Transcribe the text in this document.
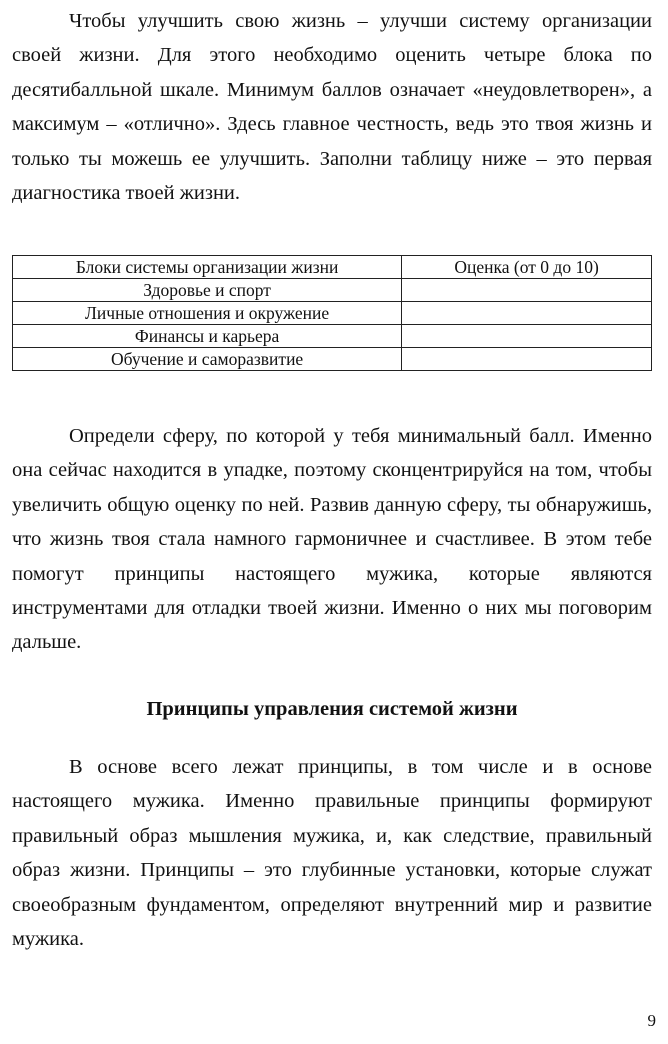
Чтобы улучшить свою жизнь – улучши систему организации своей жизни. Для этого необходимо оценить четыре блока по десятибалльной шкале. Минимум баллов означает «неудовлетворен», а максимум – «отлично». Здесь главное честность, ведь это твоя жизнь и только ты можешь ее улучшить. Заполни таблицу ниже – это первая диагностика твоей жизни.

Блоки системы организации жизни	Оценка (от 0 до 10)
Здоровье и спорт	
Личные отношения и окружение	
Финансы и карьера	
Обучение и саморазвитие	

Определи сферу, по которой у тебя минимальный балл. Именно она сейчас находится в упадке, поэтому сконцентрируйся на том, чтобы увеличить общую оценку по ней. Развив данную сферу, ты обнаружишь, что жизнь твоя стала намного гармоничнее и счастливее. В этом тебе помогут принципы настоящего мужика, которые являются инструментами для отладки твоей жизни. Именно о них мы поговорим дальше.

Принципы управления системой жизни

В основе всего лежат принципы, в том числе и в основе настоящего мужика. Именно правильные принципы формируют правильный образ мышления мужика, и, как следствие, правильный образ жизни. Принципы – это глубинные установки, которые служат своеобразным фундаментом, определяют внутренний мир и развитие мужика.

9
